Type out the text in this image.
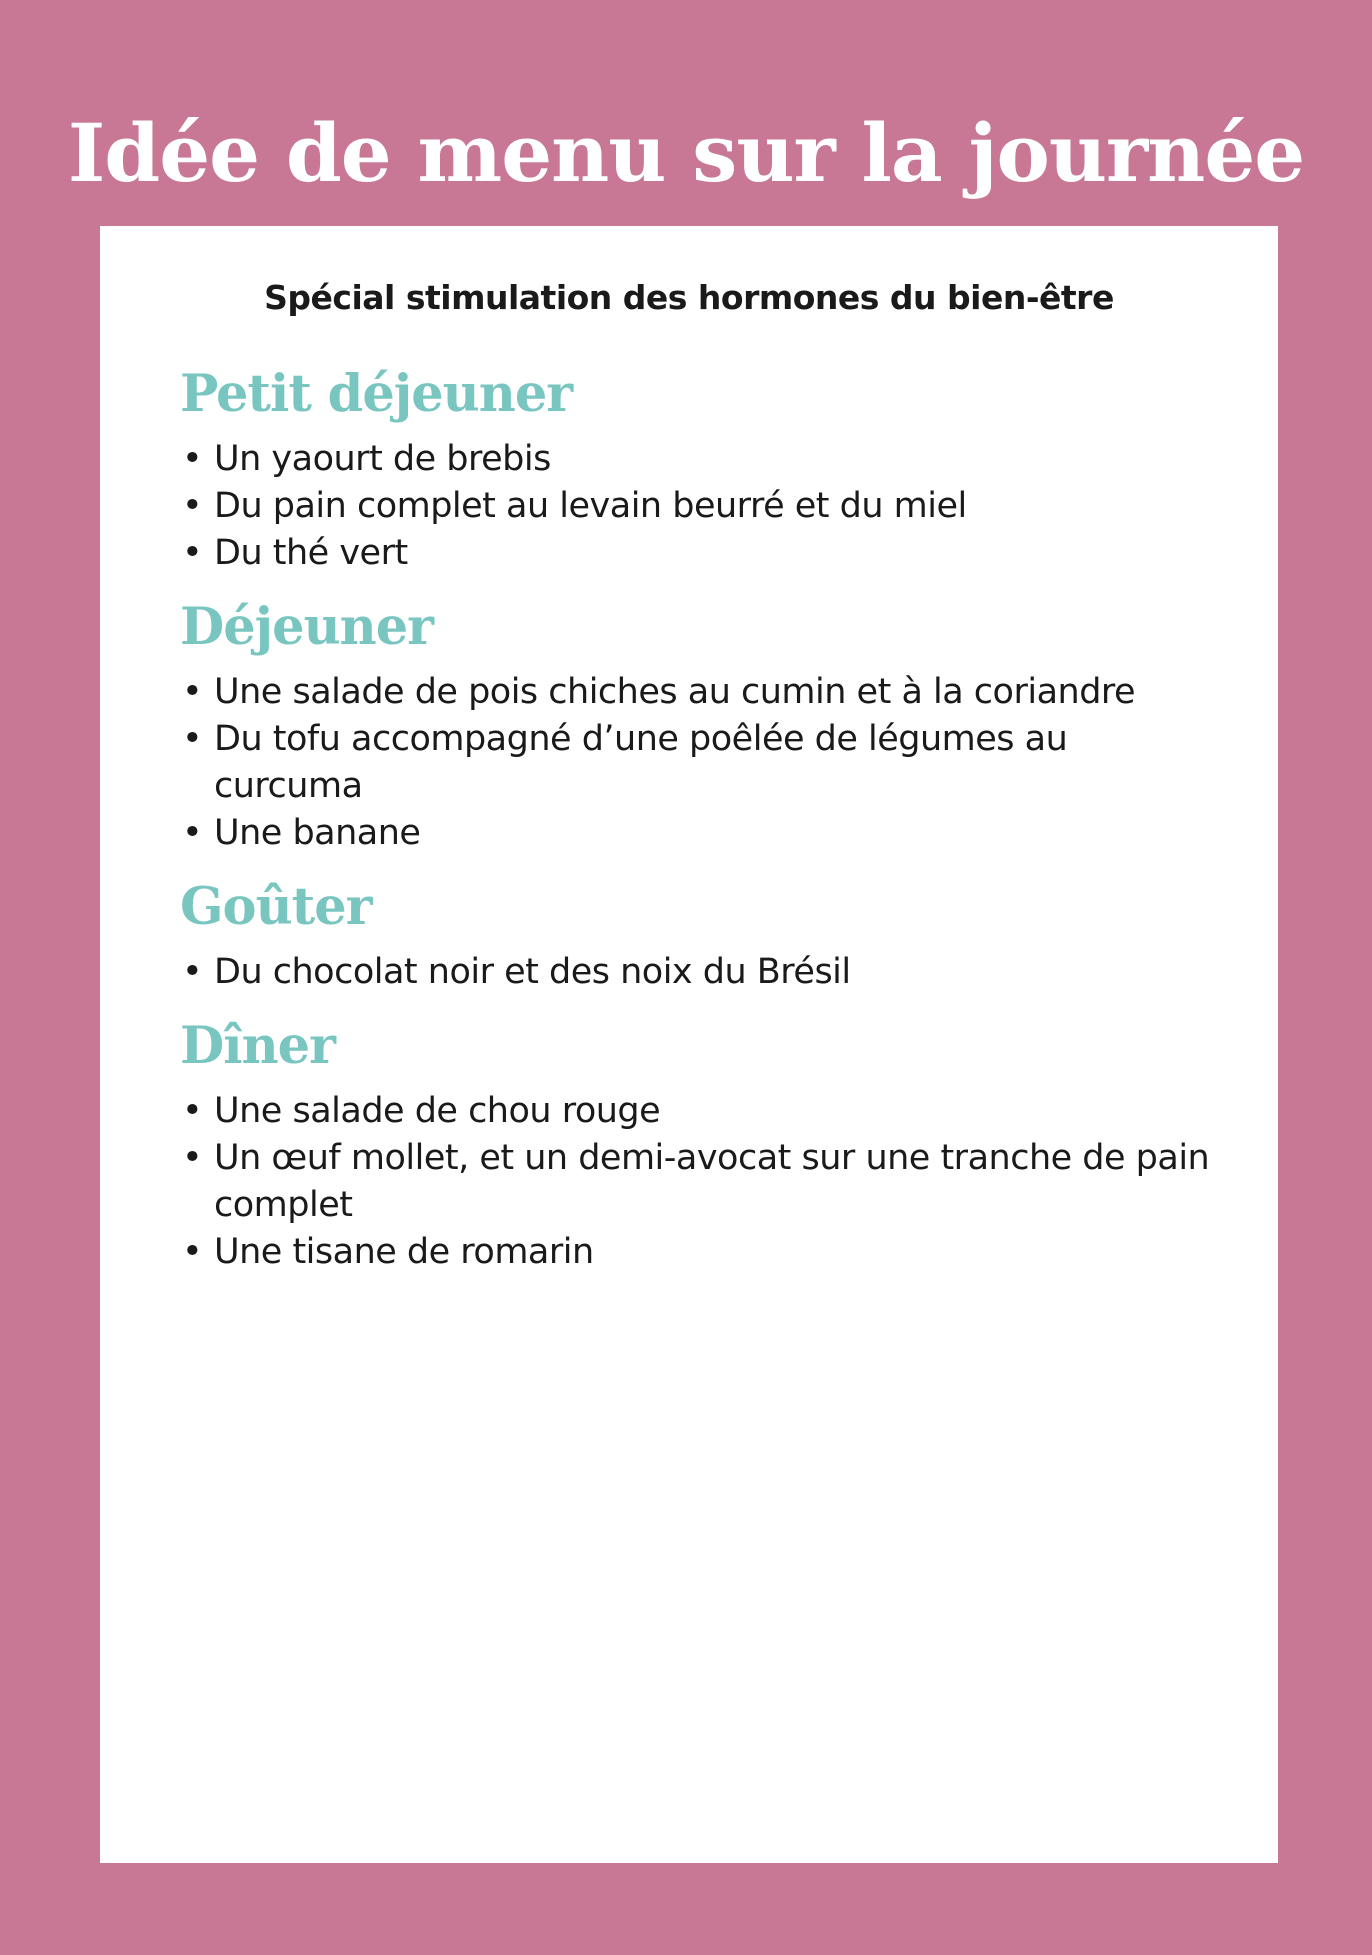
Idée de menu sur la journée

Spécial stimulation des hormones du bien-être

Petit déjeuner
• Un yaourt de brebis
• Du pain complet au levain beurré et du miel
• Du thé vert
Déjeuner
• Une salade de pois chiches au cumin et à la coriandre
• Du tofu accompagné d’une poêlée de légumes au curcuma
• Une banane
Goûter
• Du chocolat noir et des noix du Brésil
Dîner
• Une salade de chou rouge
• Un œuf mollet, et un demi-avocat sur une tranche de pain complet
• Une tisane de romarin
